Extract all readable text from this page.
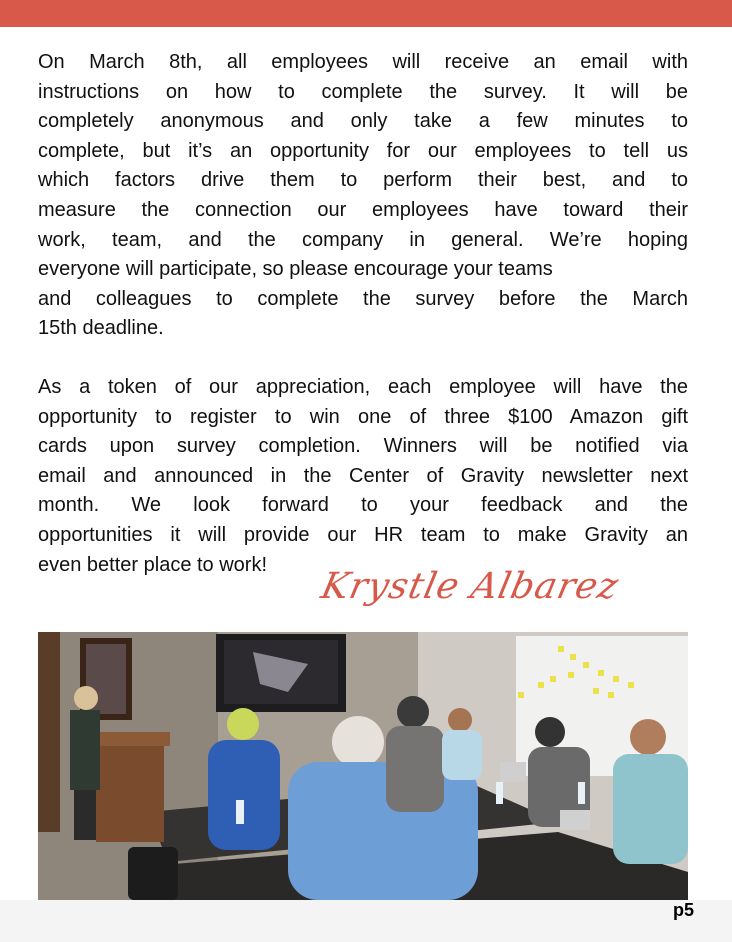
On March 8th, all employees will receive an email with
instructions on how to complete the survey. It will be
completely anonymous and only take a few minutes to
complete, but it’s an opportunity for our employees to tell us
which factors drive them to perform their best, and to
measure the connection our employees have toward their
work, team, and the company in general. We’re hoping
everyone will participate, so please encourage your teams
and colleagues to complete the survey before the March
15th deadline.

As a token of our appreciation, each employee will have the
opportunity to register to win one of three $100 Amazon gift
cards upon survey completion. Winners will be notified via
email and announced in the Center of Gravity newsletter next
month. We look forward to your feedback and the
opportunities it will provide our HR team to make Gravity an
even better place to work!

Krystle Albarez
p5
